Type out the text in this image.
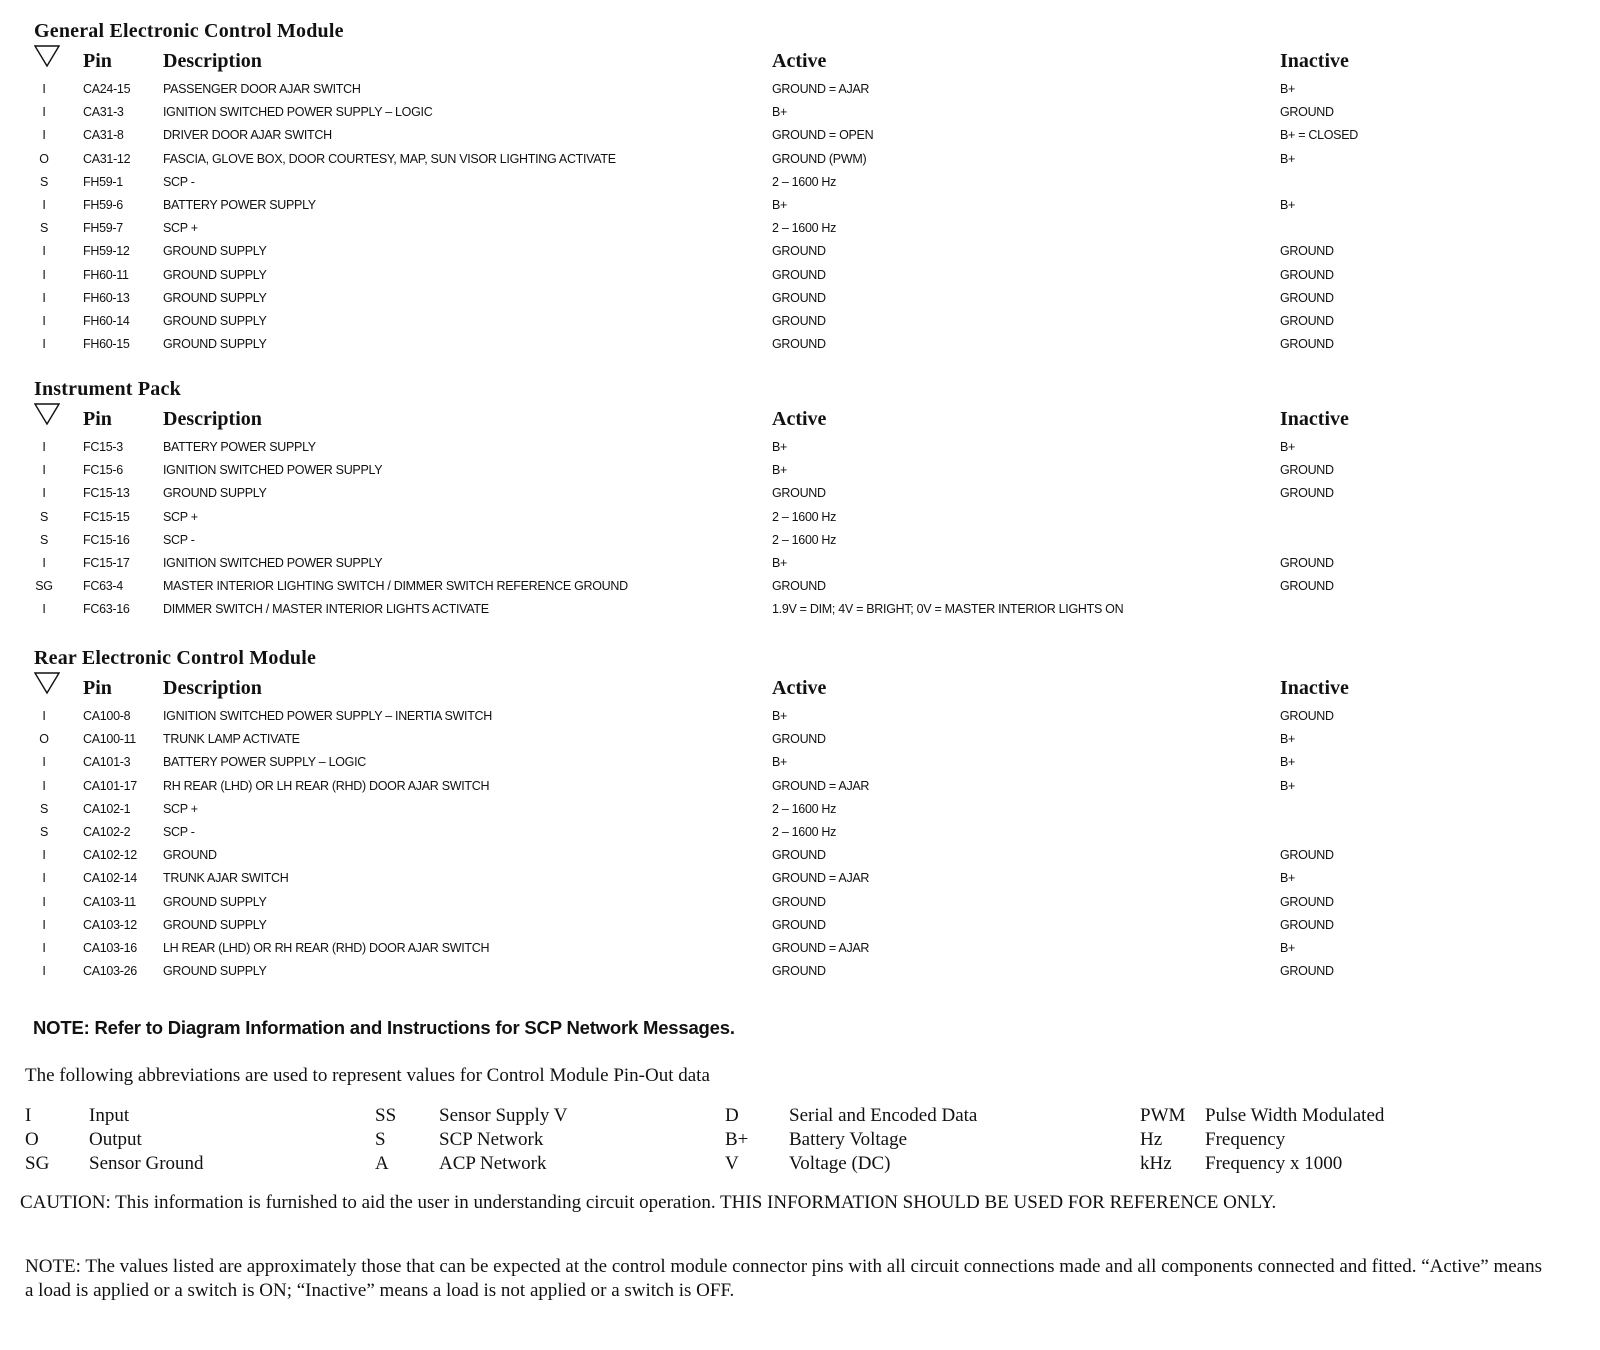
General Electronic Control Module
Pin	Description	Active	Inactive
I	CA24-15	PASSENGER DOOR AJAR SWITCH	GROUND = AJAR	B+
I	CA31-3	IGNITION SWITCHED POWER SUPPLY – LOGIC	B+	GROUND
I	CA31-8	DRIVER DOOR AJAR SWITCH	GROUND = OPEN	B+ = CLOSED
O	CA31-12	FASCIA, GLOVE BOX, DOOR COURTESY, MAP, SUN VISOR LIGHTING ACTIVATE	GROUND (PWM)	B+
S	FH59-1	SCP -	2 – 1600 Hz
I	FH59-6	BATTERY POWER SUPPLY	B+	B+
S	FH59-7	SCP +	2 – 1600 Hz
I	FH59-12	GROUND SUPPLY	GROUND	GROUND
I	FH60-11	GROUND SUPPLY	GROUND	GROUND
I	FH60-13	GROUND SUPPLY	GROUND	GROUND
I	FH60-14	GROUND SUPPLY	GROUND	GROUND
I	FH60-15	GROUND SUPPLY	GROUND	GROUND
Instrument Pack
Pin	Description	Active	Inactive
I	FC15-3	BATTERY POWER SUPPLY	B+	B+
I	FC15-6	IGNITION SWITCHED POWER SUPPLY	B+	GROUND
I	FC15-13	GROUND SUPPLY	GROUND	GROUND
S	FC15-15	SCP +	2 – 1600 Hz
S	FC15-16	SCP -	2 – 1600 Hz
I	FC15-17	IGNITION SWITCHED POWER SUPPLY	B+	GROUND
SG FC63-4	MASTER INTERIOR LIGHTING SWITCH / DIMMER SWITCH REFERENCE GROUND	GROUND	GROUND
I	FC63-16	DIMMER SWITCH / MASTER INTERIOR LIGHTS ACTIVATE	1.9V = DIM; 4V = BRIGHT; 0V = MASTER INTERIOR LIGHTS ON
Rear Electronic Control Module
Pin	Description	Active	Inactive
I	CA100-8	IGNITION SWITCHED POWER SUPPLY – INERTIA SWITCH	B+	GROUND
O	CA100-11 TRUNK LAMP ACTIVATE	GROUND	B+
I	CA101-3	BATTERY POWER SUPPLY – LOGIC	B+	B+
I	CA101-17 RH REAR (LHD) OR LH REAR (RHD) DOOR AJAR SWITCH	GROUND = AJAR	B+
S	CA102-1	SCP +	2 – 1600 Hz
S	CA102-2	SCP -	2 – 1600 Hz
I	CA102-12 GROUND	GROUND	GROUND
I	CA102-14 TRUNK AJAR SWITCH	GROUND = AJAR	B+
I	CA103-11 GROUND SUPPLY	GROUND	GROUND
I	CA103-12 GROUND SUPPLY	GROUND	GROUND
I	CA103-16 LH REAR (LHD) OR RH REAR (RHD) DOOR AJAR SWITCH	GROUND = AJAR	B+
I	CA103-26 GROUND SUPPLY	GROUND	GROUND

NOTE: Refer to Diagram Information and Instructions for SCP Network Messages.

The following abbreviations are used to represent values for Control Module Pin-Out data

I	Input
O	Output
SG Sensor Ground
SS Sensor Supply V
S	SCP Network
A	ACP Network
D	Serial and Encoded Data
B+ Battery Voltage
V	Voltage (DC)
PWM Pulse Width Modulated
Hz Frequency
kHz Frequency x 1000

CAUTION: This information is furnished to aid the user in understanding circuit operation. THIS INFORMATION SHOULD BE USED FOR REFERENCE ONLY.

NOTE: The values listed are approximately those that can be expected at the control module connector pins with all circuit connections made and all components connected and fitted. “Active” means a load is applied or a switch is ON; “Inactive” means a load is not applied or a switch is OFF.
